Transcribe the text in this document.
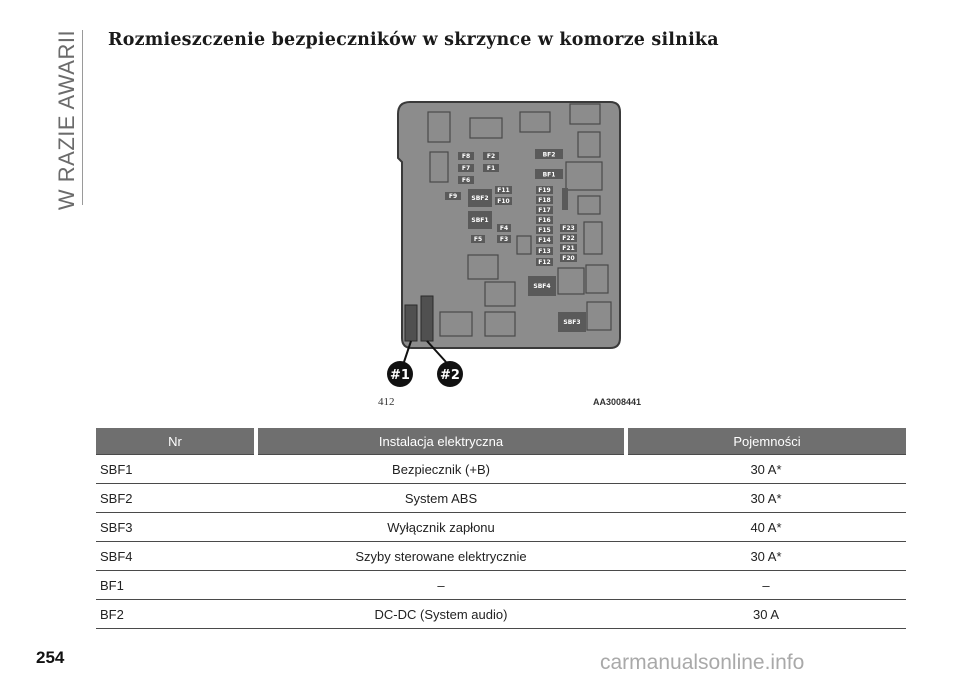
W RAZIE AWARII Rozmieszczenie bezpieczników w skrzynce w komorze silnika
F8	F2
F7	F1
F6
F9 SBF2
F11
F10
SBF1
F4
F5	F3
BF2
BF1
F19
F18
F17
F16
F15
F14
F13
F12
F23
F22
F21
F20
SBF4
SBF3
#1 #2
412	AA3008441
Nr	Instalacja elektryczna	Pojemności
SBF1	Bezpiecznik (+B)	30 A*
SBF2	System ABS	30 A*
SBF3	Wyłącznik zapłonu	40 A*
SBF4	Szyby sterowane elektrycznie	30 A*
BF1	–	–
BF2	DC-DC (System audio)	30 A
254	carmanualsonline.info
